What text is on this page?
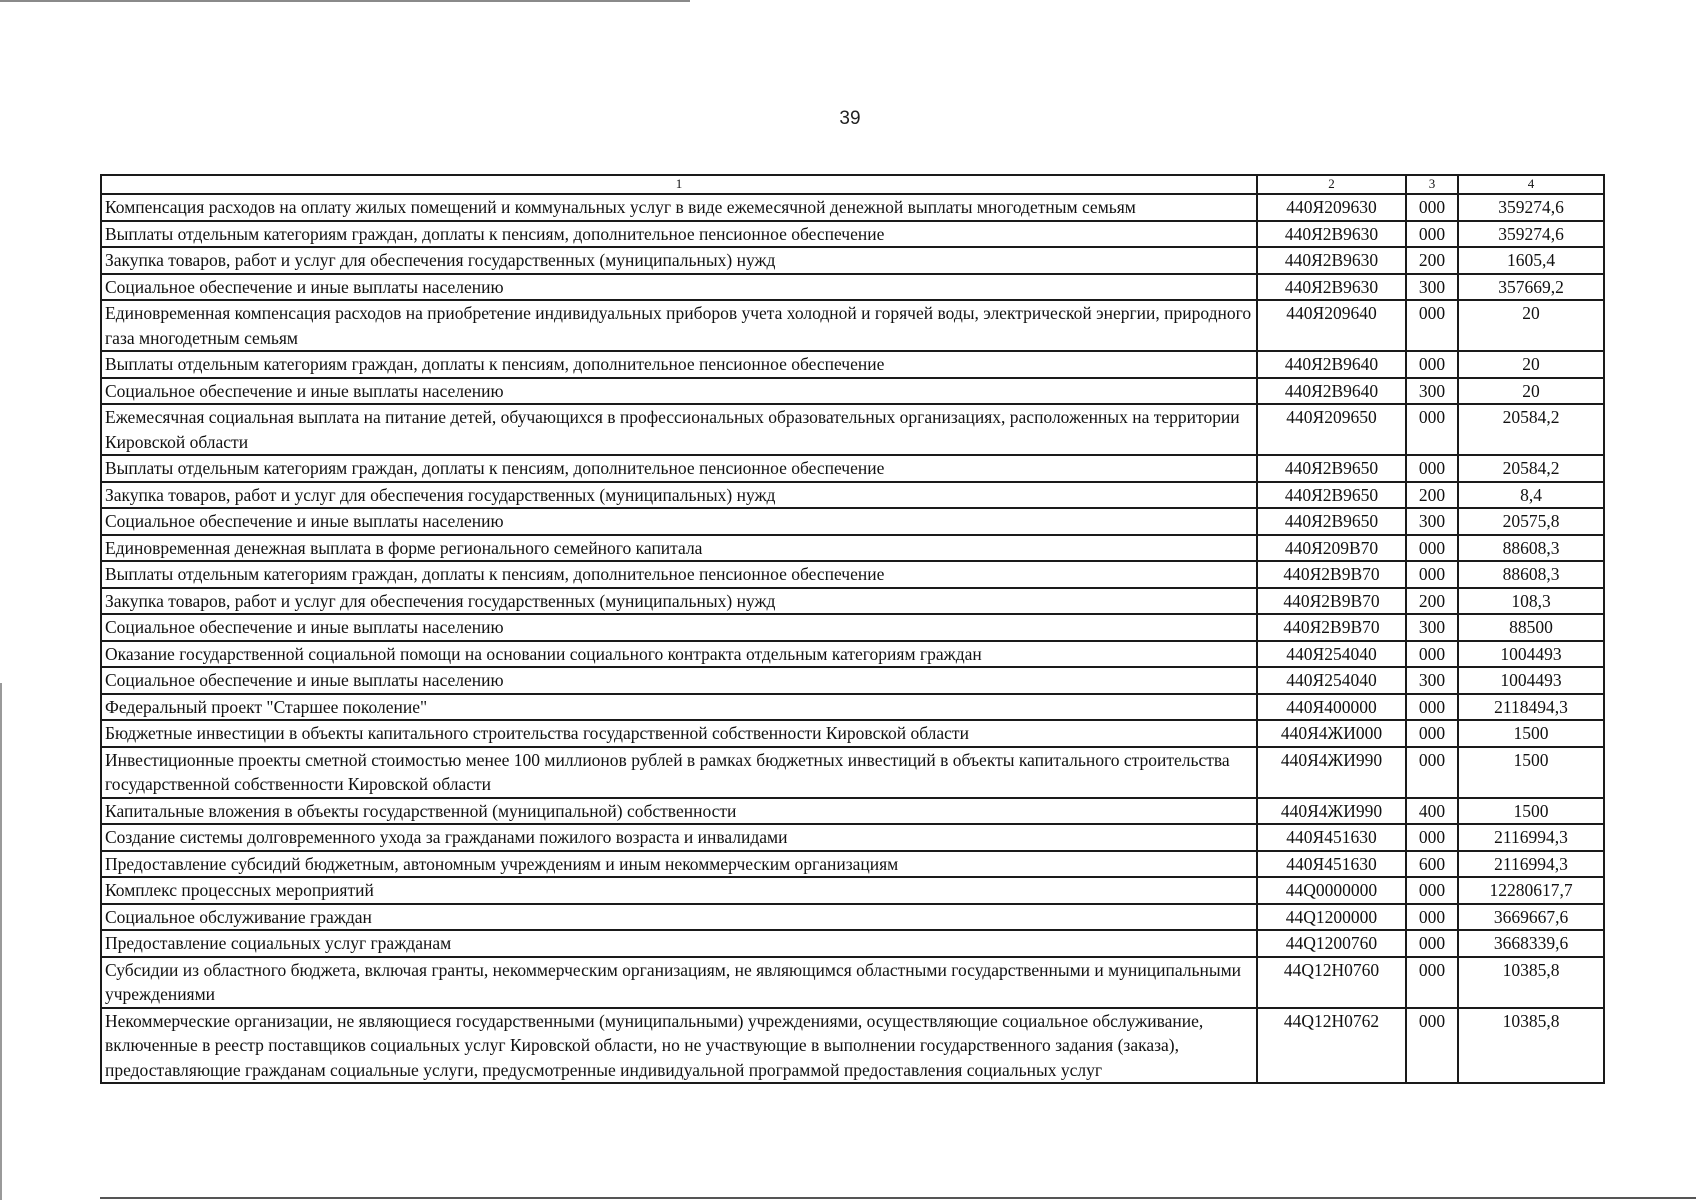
39
1	2	3	4
Компенсация расходов на оплату жилых помещений и коммунальных услуг в виде ежемесячной денежной выплаты многодетным семьям	440Я209630	000	359274,6
Выплаты отдельным категориям граждан, доплаты к пенсиям, дополнительное пенсионное обеспечение	440Я2В9630	000	359274,6
Закупка товаров, работ и услуг для обеспечения государственных (муниципальных) нужд	440Я2В9630	200	1605,4
Социальное обеспечение и иные выплаты населению	440Я2В9630	300	357669,2
Единовременная компенсация расходов на приобретение индивидуальных приборов учета холодной и горячей воды, электрической энергии, природного газа многодетным семьям	440Я209640	000	20
Выплаты отдельным категориям граждан, доплаты к пенсиям, дополнительное пенсионное обеспечение	440Я2В9640	000	20
Социальное обеспечение и иные выплаты населению	440Я2В9640	300	20
Ежемесячная социальная выплата на питание детей, обучающихся в профессиональных образовательных организациях, расположенных на территории Кировской области	440Я209650	000	20584,2
Выплаты отдельным категориям граждан, доплаты к пенсиям, дополнительное пенсионное обеспечение	440Я2В9650	000	20584,2
Закупка товаров, работ и услуг для обеспечения государственных (муниципальных) нужд	440Я2В9650	200	8,4
Социальное обеспечение и иные выплаты населению	440Я2В9650	300	20575,8
Единовременная денежная выплата в форме регионального семейного капитала	440Я209В70	000	88608,3
Выплаты отдельным категориям граждан, доплаты к пенсиям, дополнительное пенсионное обеспечение	440Я2В9В70	000	88608,3
Закупка товаров, работ и услуг для обеспечения государственных (муниципальных) нужд	440Я2В9В70	200	108,3
Социальное обеспечение и иные выплаты населению	440Я2В9В70	300	88500
Оказание государственной социальной помощи на основании социального контракта отдельным категориям граждан	440Я254040	000	1004493
Социальное обеспечение и иные выплаты населению	440Я254040	300	1004493
Федеральный проект "Старшее поколение"	440Я400000	000	2118494,3
Бюджетные инвестиции в объекты капитального строительства государственной собственности Кировской области	440Я4ЖИ000	000	1500
Инвестиционные проекты сметной стоимостью менее 100 миллионов рублей в рамках бюджетных инвестиций в объекты капитального строительства государственной собственности Кировской области	440Я4ЖИ990	000	1500
Капитальные вложения в объекты государственной (муниципальной) собственности	440Я4ЖИ990	400	1500
Создание системы долговременного ухода за гражданами пожилого возраста и инвалидами	440Я451630	000	2116994,3
Предоставление субсидий бюджетным, автономным учреждениям и иным некоммерческим организациям	440Я451630	600	2116994,3
Комплекс процессных мероприятий	44Q0000000	000	12280617,7
Социальное обслуживание граждан	44Q1200000	000	3669667,6
Предоставление социальных услуг гражданам	44Q1200760	000	3668339,6
Субсидии из областного бюджета, включая гранты, некоммерческим организациям, не являющимся областными государственными и муниципальными учреждениями	44Q12Н0760	000	10385,8
Некоммерческие организации, не являющиеся государственными (муниципальными) учреждениями, осуществляющие социальное обслуживание, включенные в реестр поставщиков социальных услуг Кировской области, но не участвующие в выполнении государственного задания (заказа), предоставляющие гражданам социальные услуги, предусмотренные индивидуальной программой предоставления социальных услуг	44Q12Н0762	000	10385,8
